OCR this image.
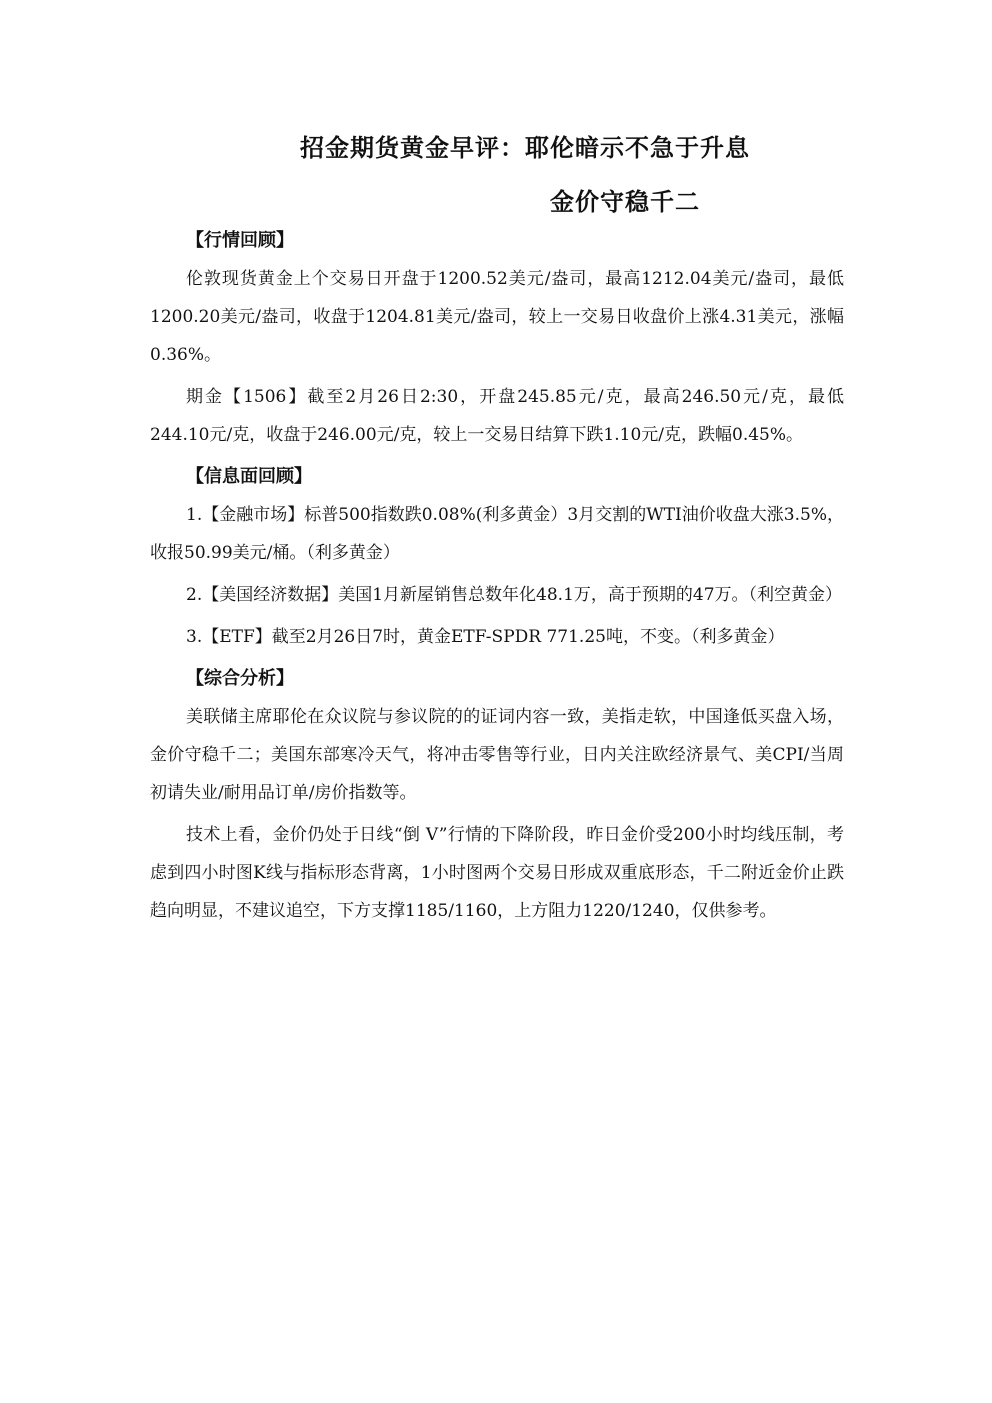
招金期货黄金早评：耶伦暗示不急于升息
金价守稳千二
【行情回顾】

伦敦现货黄金上个交易日开盘于1200.52美元/盎司，最高1212.04美元/盎司，最低1200.20美元/盎司，收盘于1204.81美元/盎司，较上一交易日收盘价上涨4.31美元，涨幅0.36%。

期金【1506】截至2月26日2:30，开盘245.85元/克，最高246.50元/克，最低244.10元/克，收盘于246.00元/克，较上一交易日结算下跌1.10元/克，跌幅0.45%。

【信息面回顾】

1.【金融市场】标普500指数跌0.08%(利多黄金）3月交割的WTI油价收盘大涨3.5%，收报50.99美元/桶。（利多黄金）

2.【美国经济数据】美国1月新屋销售总数年化48.1万，高于预期的47万。（利空黄金）

3.【ETF】截至2月26日7时，黄金ETF-SPDR 771.25吨，不变。（利多黄金）

【综合分析】

美联储主席耶伦在众议院与参议院的的证词内容一致，美指走软，中国逢低买盘入场，金价守稳千二；美国东部寒冷天气，将冲击零售等行业，日内关注欧经济景气、美CPI/当周初请失业/耐用品订单/房价指数等。

技术上看，金价仍处于日线“倒 V”行情的下降阶段，昨日金价受200小时均线压制，考虑到四小时图K线与指标形态背离，1小时图两个交易日形成双重底形态，千二附近金价止跌趋向明显，不建议追空，下方支撑1185/1160，上方阻力1220/1240，仅供参考。
